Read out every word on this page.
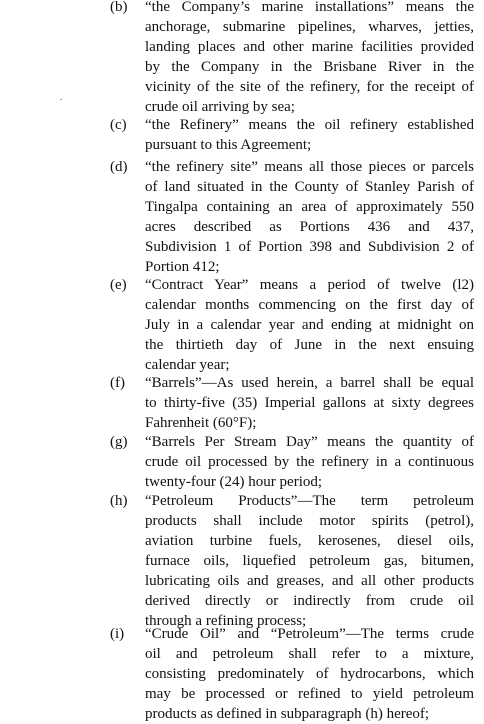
(b) “the Company’s marine installations” means the
anchorage, submarine pipelines, wharves, jetties,
landing places and other marine facilities provided
by the Company in the Brisbane River in the
vicinity of the site of the refinery, for the receipt of
crude oil arriving by sea;
(c) “the Refinery” means the oil refinery established
pursuant to this Agreement;
(d) “the refinery site” means all those pieces or parcels
of land situated in the County of Stanley Parish of
Tingalpa containing an area of approximately 550
acres described as Portions 436 and 437,
Subdivision 1 of Portion 398 and Subdivision 2 of
Portion 412;
(e) “Contract Year” means a period of twelve (l2)
calendar months commencing on the first day of
July in a calendar year and ending at midnight on
the thirtieth day of June in the next ensuing
calendar year;
(f) “Barrels”—As used herein, a barrel shall be equal
to thirty-five (35) Imperial gallons at sixty degrees
Fahrenheit (60°F);
(g) “Barrels Per Stream Day” means the quantity of
crude oil processed by the refinery in a continuous
twenty-four (24) hour period;
(h) “Petroleum Products”—The term petroleum
products shall include motor spirits (petrol),
aviation turbine fuels, kerosenes, diesel oils,
furnace oils, liquefied petroleum gas, bitumen,
lubricating oils and greases, and all other products
derived directly or indirectly from crude oil
through a refining process;
(i) “Crude Oil” and “Petroleum”—The terms crude
oil and petroleum shall refer to a mixture,
consisting predominately of hydrocarbons, which
may be processed or refined to yield petroleum
products as defined in subparagraph (h) hereof;
